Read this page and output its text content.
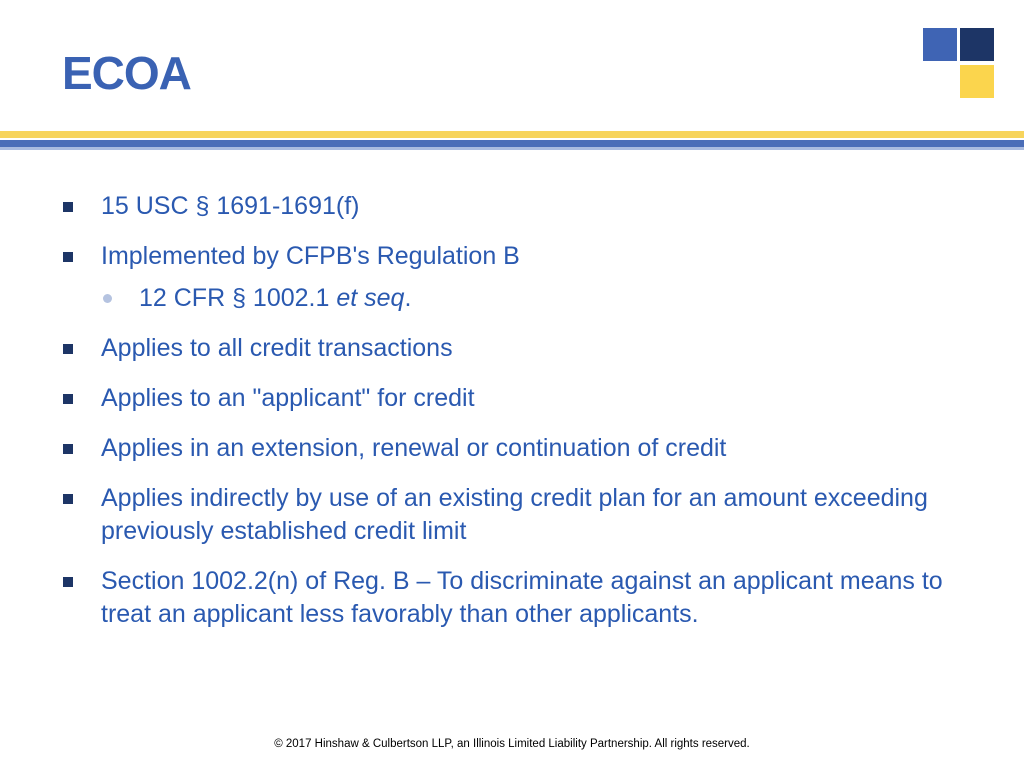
ECOA
15 USC § 1691-1691(f)
Implemented by CFPB's Regulation B
12 CFR § 1002.1 et seq.
Applies to all credit transactions
Applies to an "applicant" for credit
Applies in an extension, renewal or continuation of credit
Applies indirectly by use of an existing credit plan for an amount exceeding previously established credit limit
Section 1002.2(n) of Reg. B – To discriminate against an applicant means to treat an applicant less favorably than other applicants.
© 2017 Hinshaw & Culbertson LLP, an Illinois Limited Liability Partnership. All rights reserved.
